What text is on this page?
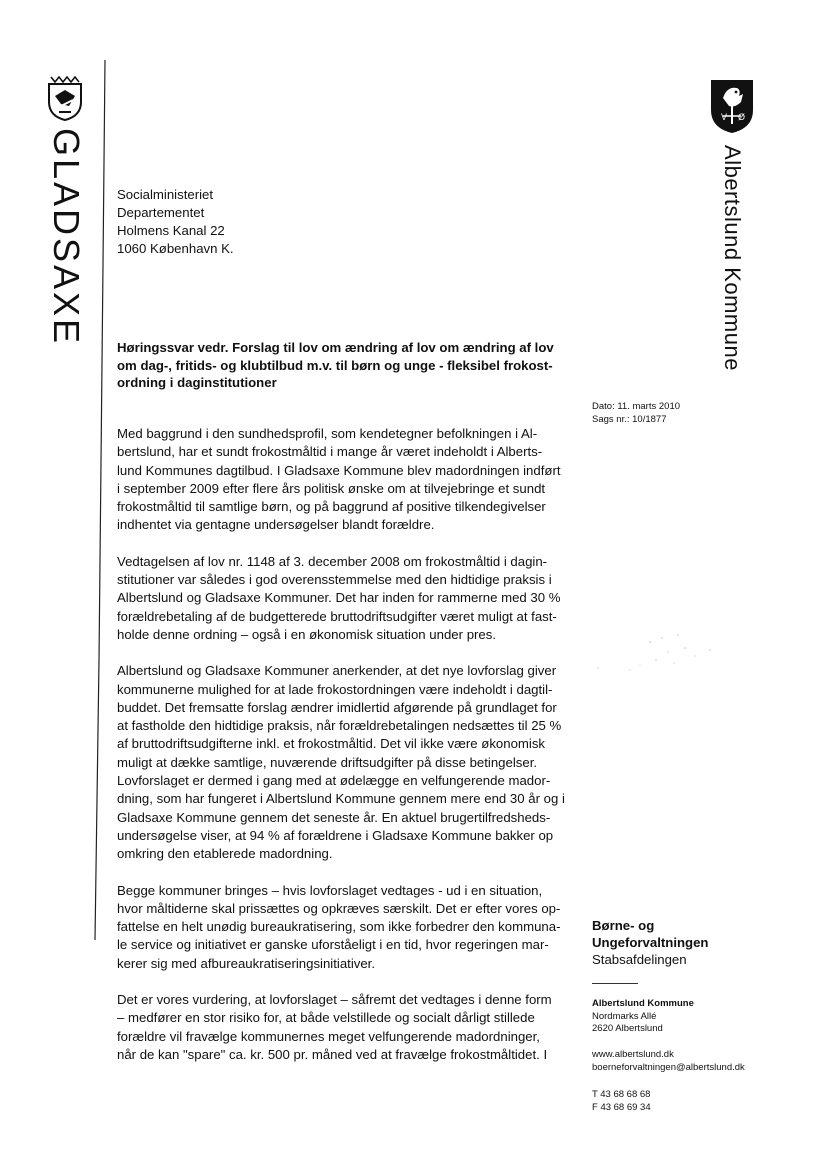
GLADSAXE
V Ø
Albertslund Kommune
Socialministeriet
Departementet
Holmens Kanal 22
1060 København K.
Høringssvar vedr. Forslag til lov om ændring af lov om ændring af lov
om dag-, fritids- og klubtilbud m.v. til børn og unge - fleksibel frokost-
ordning i daginstitutioner
Dato: 11. marts 2010
Sags nr.: 10/1877

Med baggrund i den sundhedsprofil, som kendetegner befolkningen i Al-
bertslund, har et sundt frokostmåltid i mange år været indeholdt i Alberts-
lund Kommunes dagtilbud. I Gladsaxe Kommune blev madordningen indført
i september 2009 efter flere års politisk ønske om at tilvejebringe et sundt
frokostmåltid til samtlige børn, og på baggrund af positive tilkendegivelser
indhentet via gentagne undersøgelser blandt forældre.

Vedtagelsen af lov nr. 1148 af 3. december 2008 om frokostmåltid i dagin-
stitutioner var således i god overensstemmelse med den hidtidige praksis i
Albertslund og Gladsaxe Kommuner. Det har inden for rammerne med 30 %
forældrebetaling af de budgetterede bruttodriftsudgifter været muligt at fast-
holde denne ordning – også i en økonomisk situation under pres.

Albertslund og Gladsaxe Kommuner anerkender, at det nye lovforslag giver
kommunerne mulighed for at lade frokostordningen være indeholdt i dagtil-
buddet. Det fremsatte forslag ændrer imidlertid afgørende på grundlaget for
at fastholde den hidtidige praksis, når forældrebetalingen nedsættes til 25 %
af bruttodriftsudgifterne inkl. et frokostmåltid. Det vil ikke være økonomisk
muligt at dække samtlige, nuværende driftsudgifter på disse betingelser.
Lovforslaget er dermed i gang med at ødelægge en velfungerende mador-
dning, som har fungeret i Albertslund Kommune gennem mere end 30 år og i
Gladsaxe Kommune gennem det seneste år. En aktuel brugertilfredsheds-
undersøgelse viser, at 94 % af forældrene i Gladsaxe Kommune bakker op
omkring den etablerede madordning.

Begge kommuner bringes – hvis lovforslaget vedtages - ud i en situation,
hvor måltiderne skal prissættes og opkræves særskilt. Det er efter vores op-
fattelse en helt unødig bureaukratisering, som ikke forbedrer den kommuna-
le service og initiativet er ganske uforståeligt i en tid, hvor regeringen mar-
kerer sig med afbureaukratiseringsinitiativer.

Det er vores vurdering, at lovforslaget – såfremt det vedtages i denne form
– medfører en stor risiko for, at både velstillede og socialt dårligt stillede
forældre vil fravælge kommunernes meget velfungerende madordninger,
når de kan "spare" ca. kr. 500 pr. måned ved at fravælge frokostmåltidet. I

Børne- og
Ungeforvaltningen
Stabsafdelingen
Albertslund Kommune
Nordmarks Allé
2620 Albertslund
www.albertslund.dk
boerneforvaltningen@albertslund.dk
T 43 68 68 68
F 43 68 69 34
